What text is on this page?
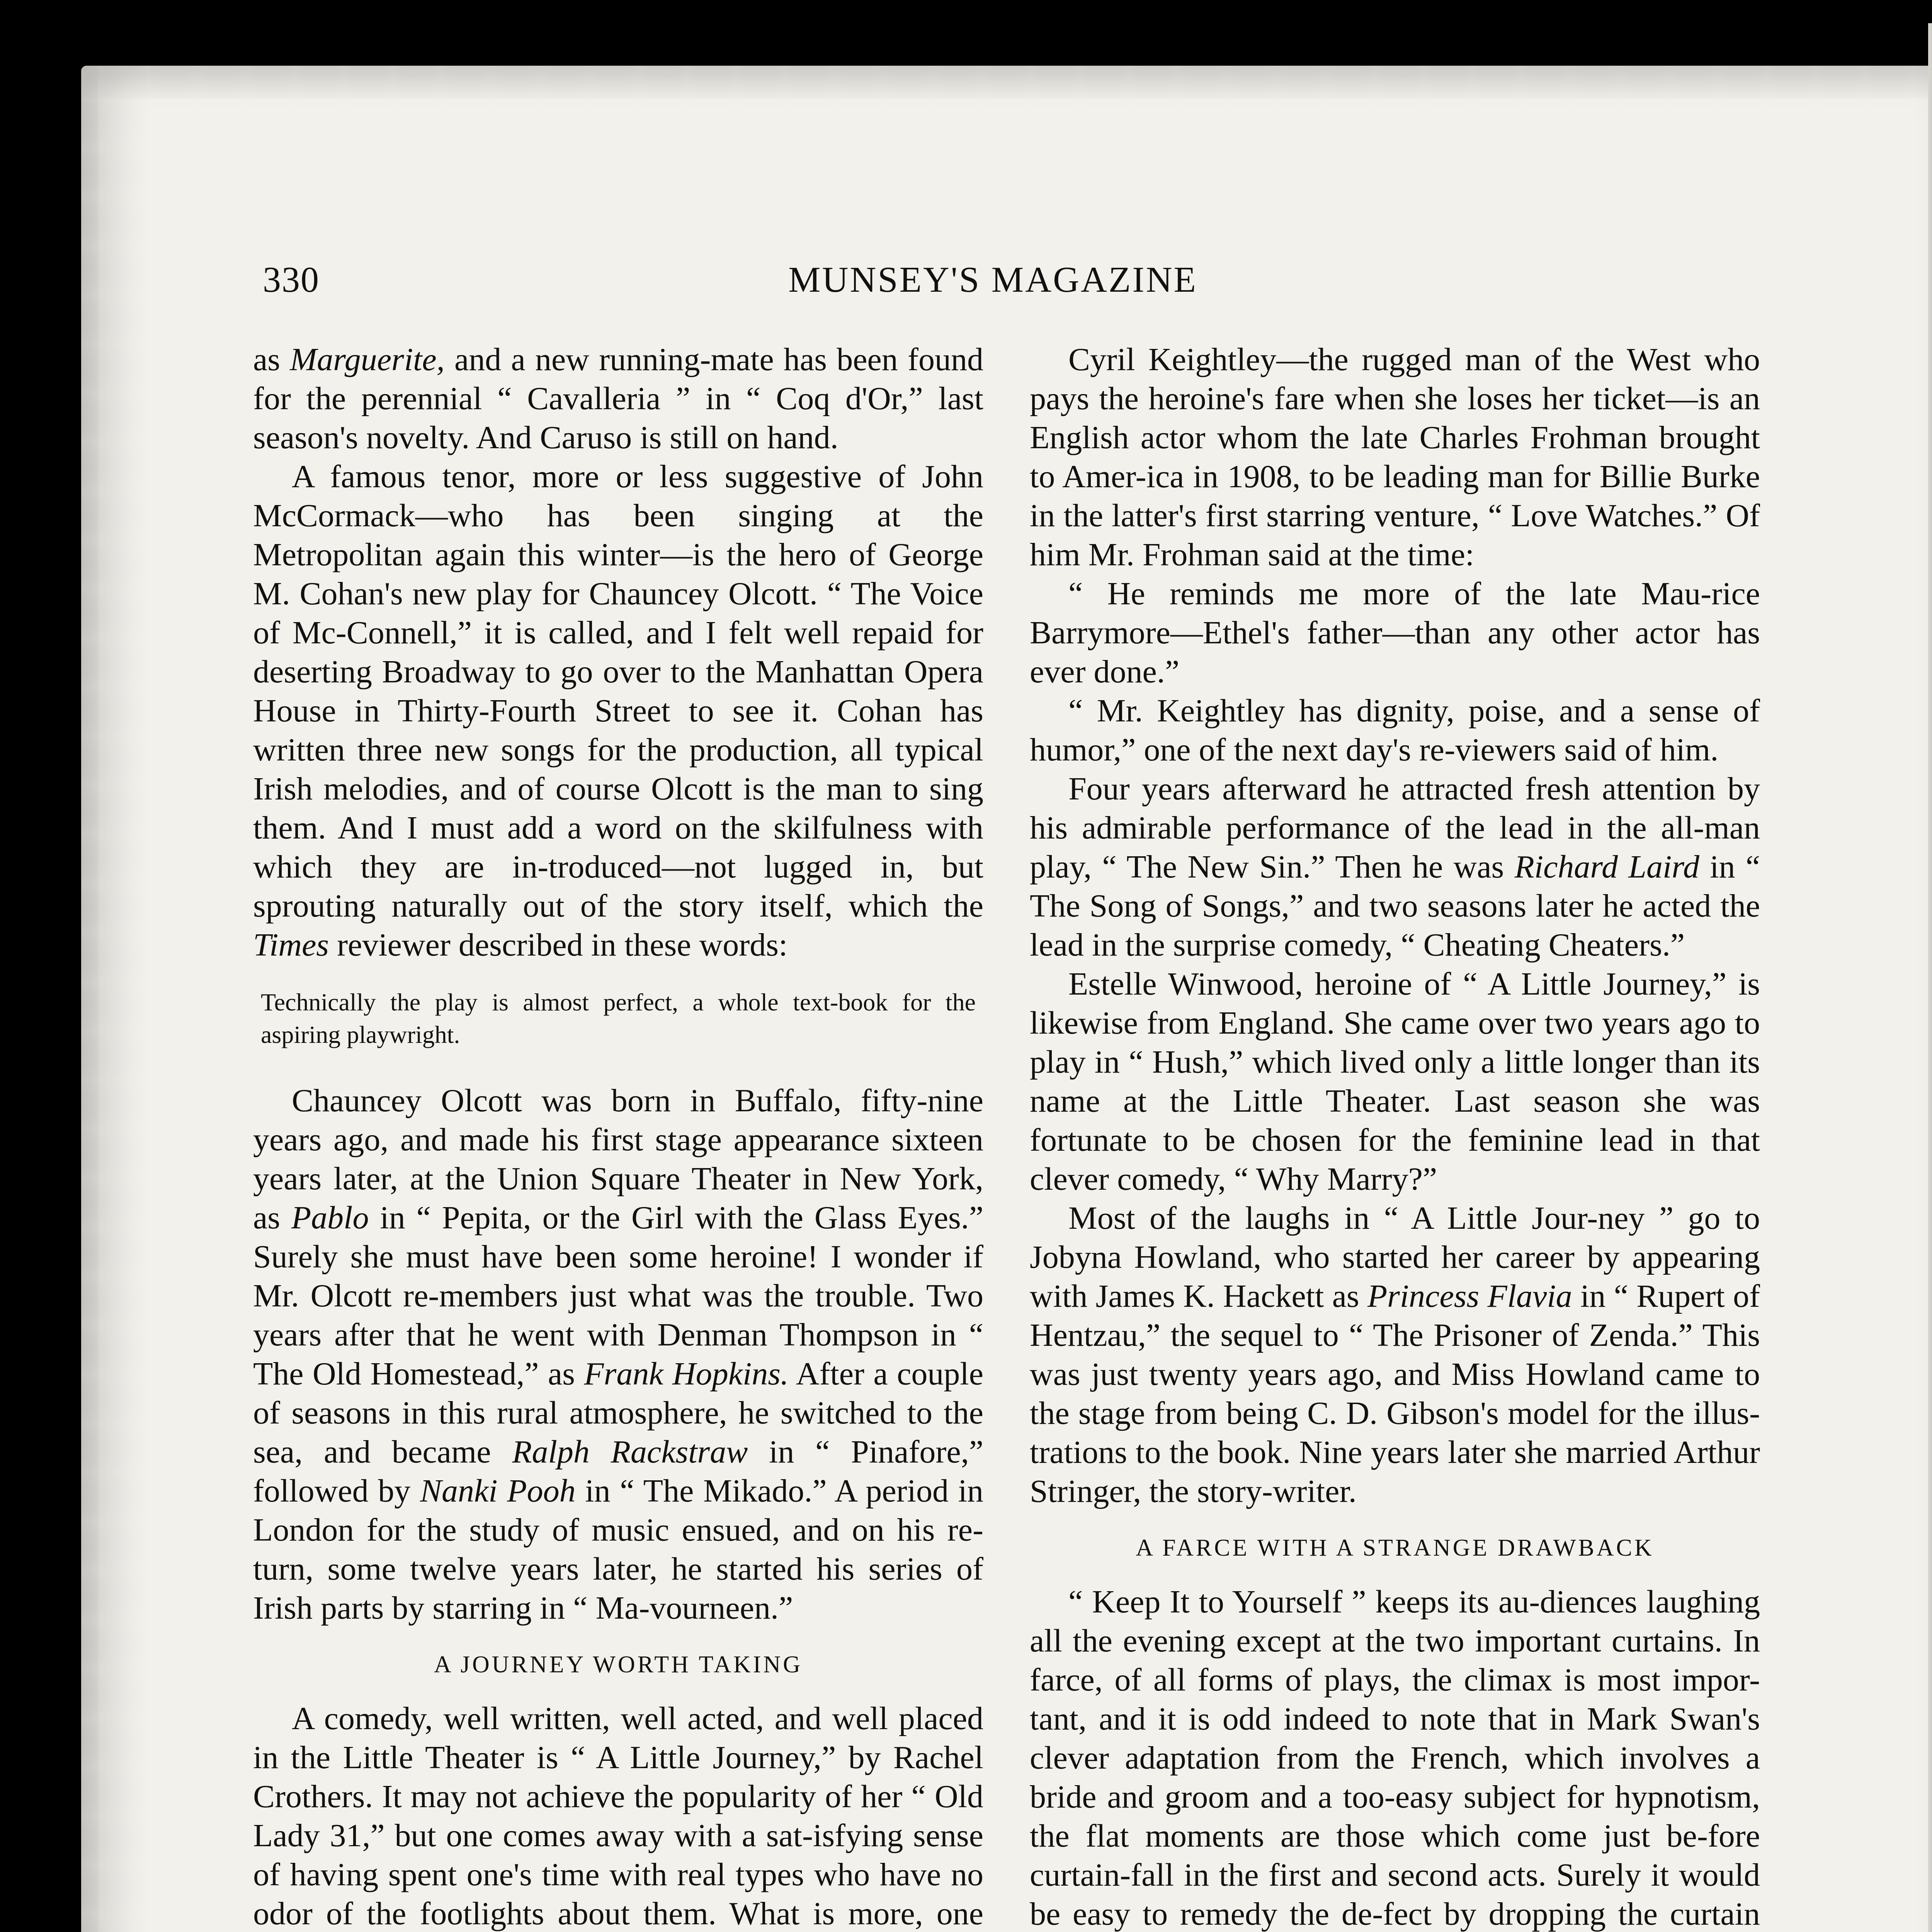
330	MUNSEY'S MAGAZINE

as Marguerite, and a new running-mate has been found for the perennial “ Cavalleria ” in “ Coq d'Or,” last season's novelty. And Caruso is still on hand.

A famous tenor, more or less suggestive of John McCormack—who has been singing at the Metropolitan again this winter—is the hero of George M. Cohan's new play for Chauncey Olcott. “ The Voice of Mc-Connell,” it is called, and I felt well repaid for deserting Broadway to go over to the Manhattan Opera House in Thirty-Fourth Street to see it. Cohan has written three new songs for the production, all typical Irish melodies, and of course Olcott is the man to sing them. And I must add a word on the skilfulness with which they are in-troduced—not lugged in, but sprouting naturally out of the story itself, which the Times reviewer described in these words:

Technically the play is almost perfect, a whole text-book for the aspiring playwright.

Chauncey Olcott was born in Buffalo, fifty-nine years ago, and made his first stage appearance sixteen years later, at the Union Square Theater in New York, as Pablo in “ Pepita, or the Girl with the Glass Eyes.” Surely she must have been some heroine! I wonder if Mr. Olcott re-members just what was the trouble. Two years after that he went with Denman Thompson in “ The Old Homestead,” as Frank Hopkins. After a couple of seasons in this rural atmosphere, he switched to the sea, and became Ralph Rackstraw in “ Pinafore,” followed by Nanki Pooh in “ The Mikado.” A period in London for the study of music ensued, and on his re-turn, some twelve years later, he started his series of Irish parts by starring in “ Ma-vourneen.”

A JOURNEY WORTH TAKING

A comedy, well written, well acted, and well placed in the Little Theater is “ A Little Journey,” by Rachel Crothers. It may not achieve the popularity of her “ Old Lady 31,” but one comes away with a sat-isfying sense of having spent one's time with real types who have no odor of the footlights about them. What is more, one

Cyril Keightley—the rugged man of the West who pays the heroine's fare when she loses her ticket—is an English actor whom the late Charles Frohman brought to Amer-ica in 1908, to be leading man for Billie Burke in the latter's first starring venture, “ Love Watches.” Of him Mr. Frohman said at the time:

“ He reminds me more of the late Mau-rice Barrymore—Ethel's father—than any other actor has ever done.”

“ Mr. Keightley has dignity, poise, and a sense of humor,” one of the next day's re-viewers said of him.

Four years afterward he attracted fresh attention by his admirable performance of the lead in the all-man play, “ The New Sin.” Then he was Richard Laird in “ The Song of Songs,” and two seasons later he acted the lead in the surprise comedy, “ Cheating Cheaters.”

Estelle Winwood, heroine of “ A Little Journey,” is likewise from England. She came over two years ago to play in “ Hush,” which lived only a little longer than its name at the Little Theater. Last season she was fortunate to be chosen for the feminine lead in that clever comedy, “ Why Marry?”

Most of the laughs in “ A Little Jour-ney ” go to Jobyna Howland, who started her career by appearing with James K. Hackett as Princess Flavia in “ Rupert of Hentzau,” the sequel to “ The Prisoner of Zenda.” This was just twenty years ago, and Miss Howland came to the stage from being C. D. Gibson's model for the illus-trations to the book. Nine years later she married Arthur Stringer, the story-writer.

A FARCE WITH A STRANGE DRAWBACK

“ Keep It to Yourself ” keeps its au-diences laughing all the evening except at the two important curtains. In farce, of all forms of plays, the climax is most impor-tant, and it is odd indeed to note that in Mark Swan's clever adaptation from the French, which involves a bride and groom and a too-easy subject for hypnotism, the flat moments are those which come just be-fore curtain-fall in the first and second acts. Surely it would be easy to remedy the de-fect by dropping the curtain
